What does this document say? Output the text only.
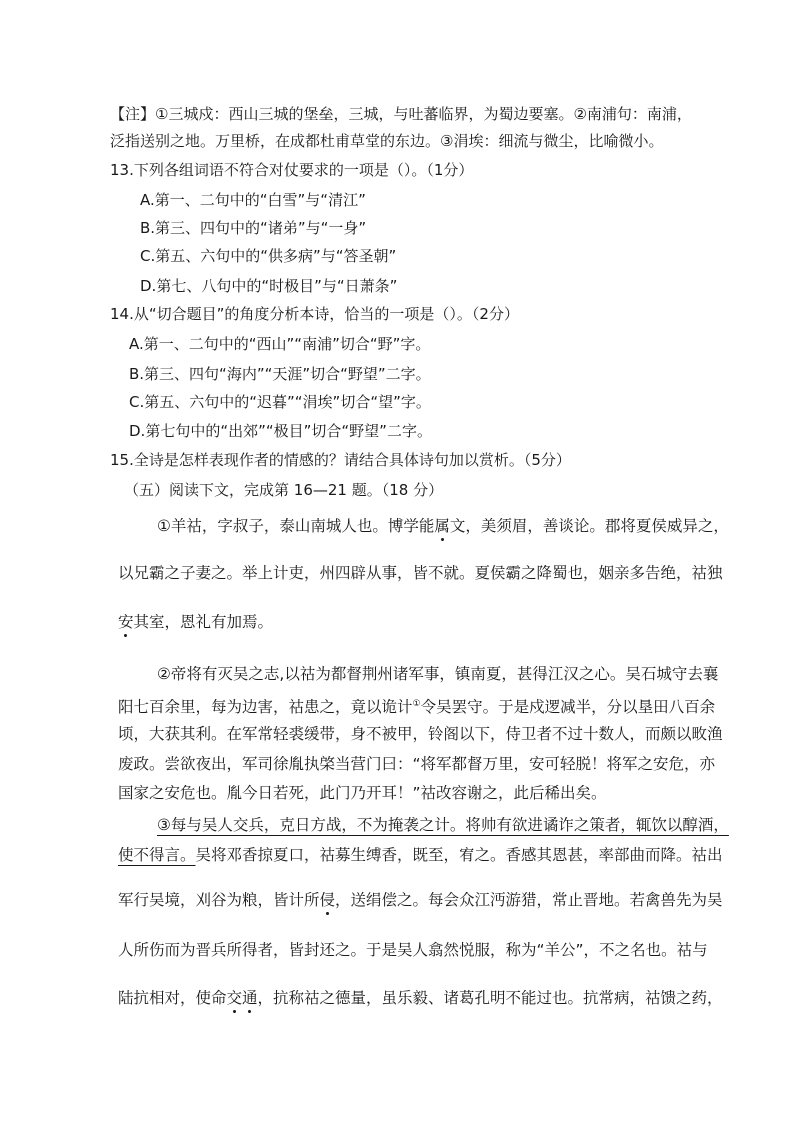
【注】①三城戍：西山三城的堡垒，三城，与吐蕃临界，为蜀边要塞。②南浦句：南浦，
泛指送别之地。万里桥，在成都杜甫草堂的东边。③涓埃：细流与微尘，比喻微小。
13.下列各组词语不符合对仗要求的一项是（）。（1分）
A.第一、二句中的“白雪”与“清江”
B.第三、四句中的“诸弟”与“一身”
C.第五、六句中的“供多病”与“答圣朝”
D.第七、八句中的“时极目”与“日萧条”
14.从“切合题目”的角度分析本诗，恰当的一项是（）。（2分）
A.第一、二句中的“西山”“南浦”切合“野”字。
B.第三、四句“海内”“天涯”切合“野望”二字。
C.第五、六句中的“迟暮”“涓埃”切合“望”字。
D.第七句中的“出郊”“极目”切合“野望”二字。
15.全诗是怎样表现作者的情感的？请结合具体诗句加以赏析。（5分）
（五）阅读下文，完成第 16—21 题。（18 分）
①羊祜，字叔子，泰山南城人也。博学能属文，美须眉，善谈论。郡将夏侯威异之，
以兄霸之子妻之。举上计吏，州四辟从事，皆不就。夏侯霸之降蜀也，姻亲多告绝，祜独
安其室，恩礼有加焉。
②帝将有灭吴之志,以祜为都督荆州诸军事，镇南夏，甚得江汉之心。吴石城守去襄
阳七百余里，每为边害，祜患之，竟以诡计①令吴罢守。于是戍逻减半，分以垦田八百余
顷，大获其利。在军常轻裘缓带，身不被甲，铃阁以下，侍卫者不过十数人，而颇以畋渔
废政。尝欲夜出，军司徐胤执棨当营门曰：“将军都督万里，安可轻脱！将军之安危，亦
国家之安危也。胤今日若死，此门乃开耳！”祜改容谢之，此后稀出矣。
③每与吴人交兵，克日方战，不为掩袭之计。将帅有欲进谲诈之策者，辄饮以醇酒，
使不得言。吴将邓香掠夏口，祜募生缚香，既至，宥之。香感其恩甚，率部曲而降。祜出
军行吴境，刈谷为粮，皆计所侵，送绢偿之。每会众江沔游猎，常止晋地。若禽兽先为吴
人所伤而为晋兵所得者，皆封还之。于是吴人翕然悦服，称为“羊公”，不之名也。祜与
陆抗相对，使命交通，抗称祜之德量，虽乐毅、诸葛孔明不能过也。抗常病，祜馈之药，
